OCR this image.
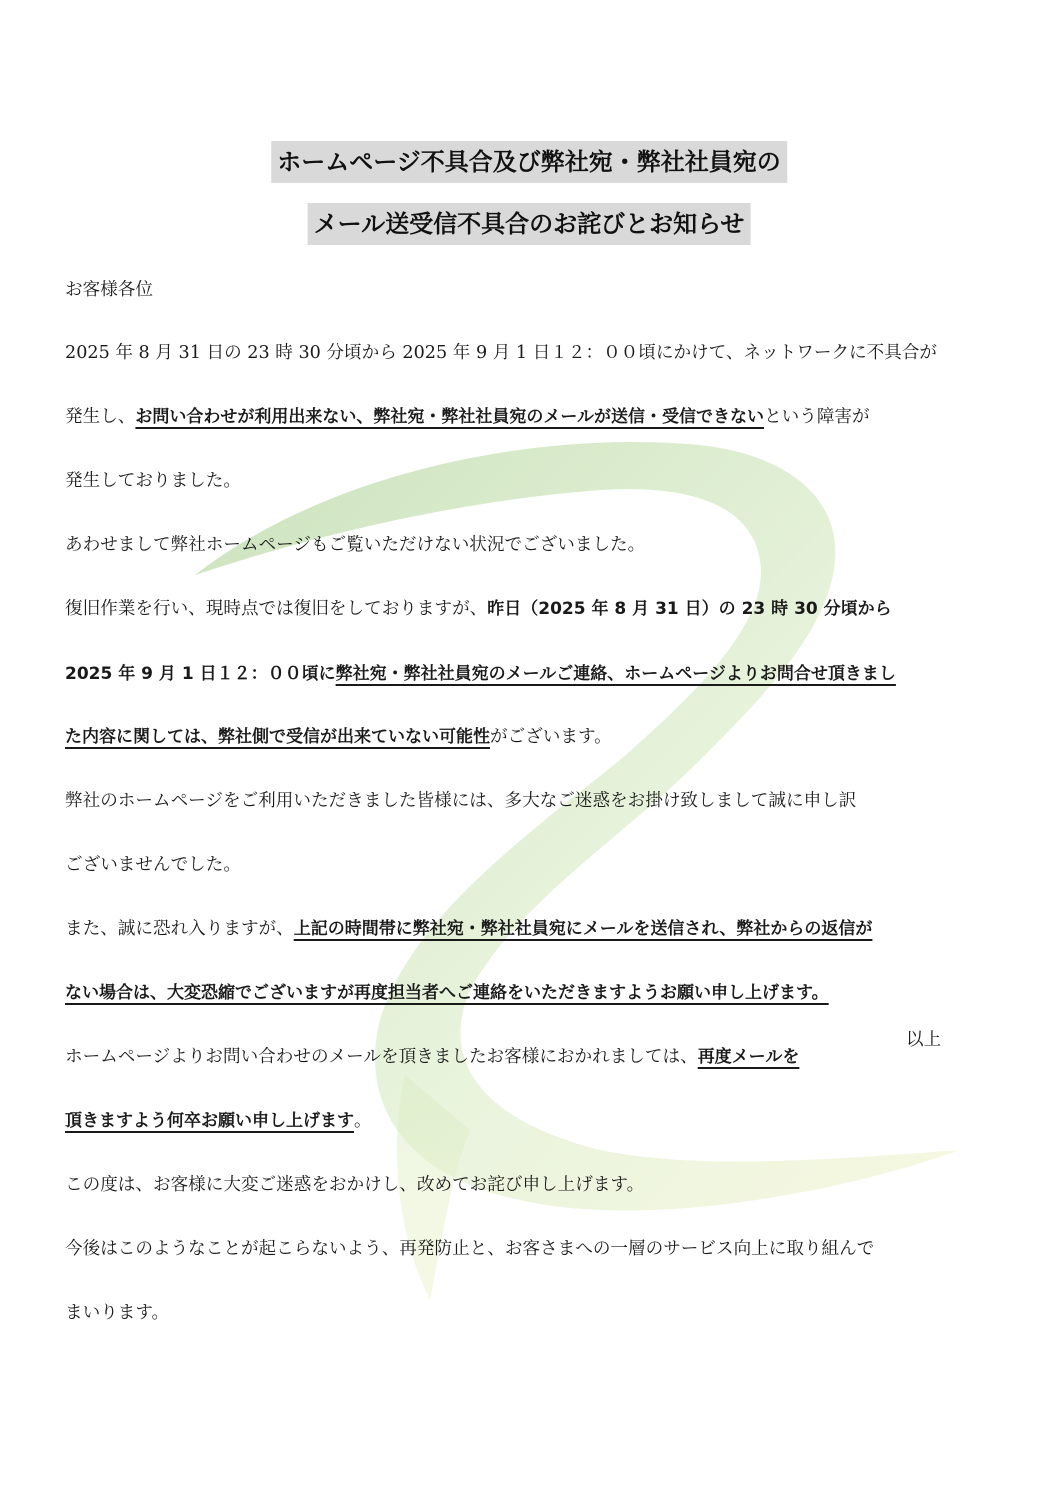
ホームページ不具合及び弊社宛・弊社社員宛の
メール送受信不具合のお詫びとお知らせ
お客様各位
2025 年 8 月 31 日の 23 時 30 分頃から 2025 年 9 月 1 日１２：００頃にかけて、ネットワークに不具合が
発生し、お問い合わせが利用出来ない、弊社宛・弊社社員宛のメールが送信・受信できないという障害が
発生しておりました。
あわせまして弊社ホームページもご覧いただけない状況でございました。
復旧作業を行い、現時点では復旧をしておりますが、昨日（2025 年 8 月 31 日）の 23 時 30 分頃から
2025 年 9 月 1 日１２：００頃に弊社宛・弊社社員宛のメールご連絡、ホームページよりお問合せ頂きまし
た内容に関しては、弊社側で受信が出来ていない可能性がございます。
弊社のホームページをご利用いただきました皆様には、多大なご迷惑をお掛け致しまして誠に申し訳
ございませんでした。
また、誠に恐れ入りますが、上記の時間帯に弊社宛・弊社社員宛にメールを送信され、弊社からの返信が
ない場合は、大変恐縮でございますが再度担当者へご連絡をいただきますようお願い申し上げます。
ホームページよりお問い合わせのメールを頂きましたお客様におかれましては、再度メールを
頂きますよう何卒お願い申し上げます。
この度は、お客様に大変ご迷惑をおかけし、改めてお詫び申し上げます。
今後はこのようなことが起こらないよう、再発防止と、お客さまへの一層のサービス向上に取り組んで
まいります。
以上
